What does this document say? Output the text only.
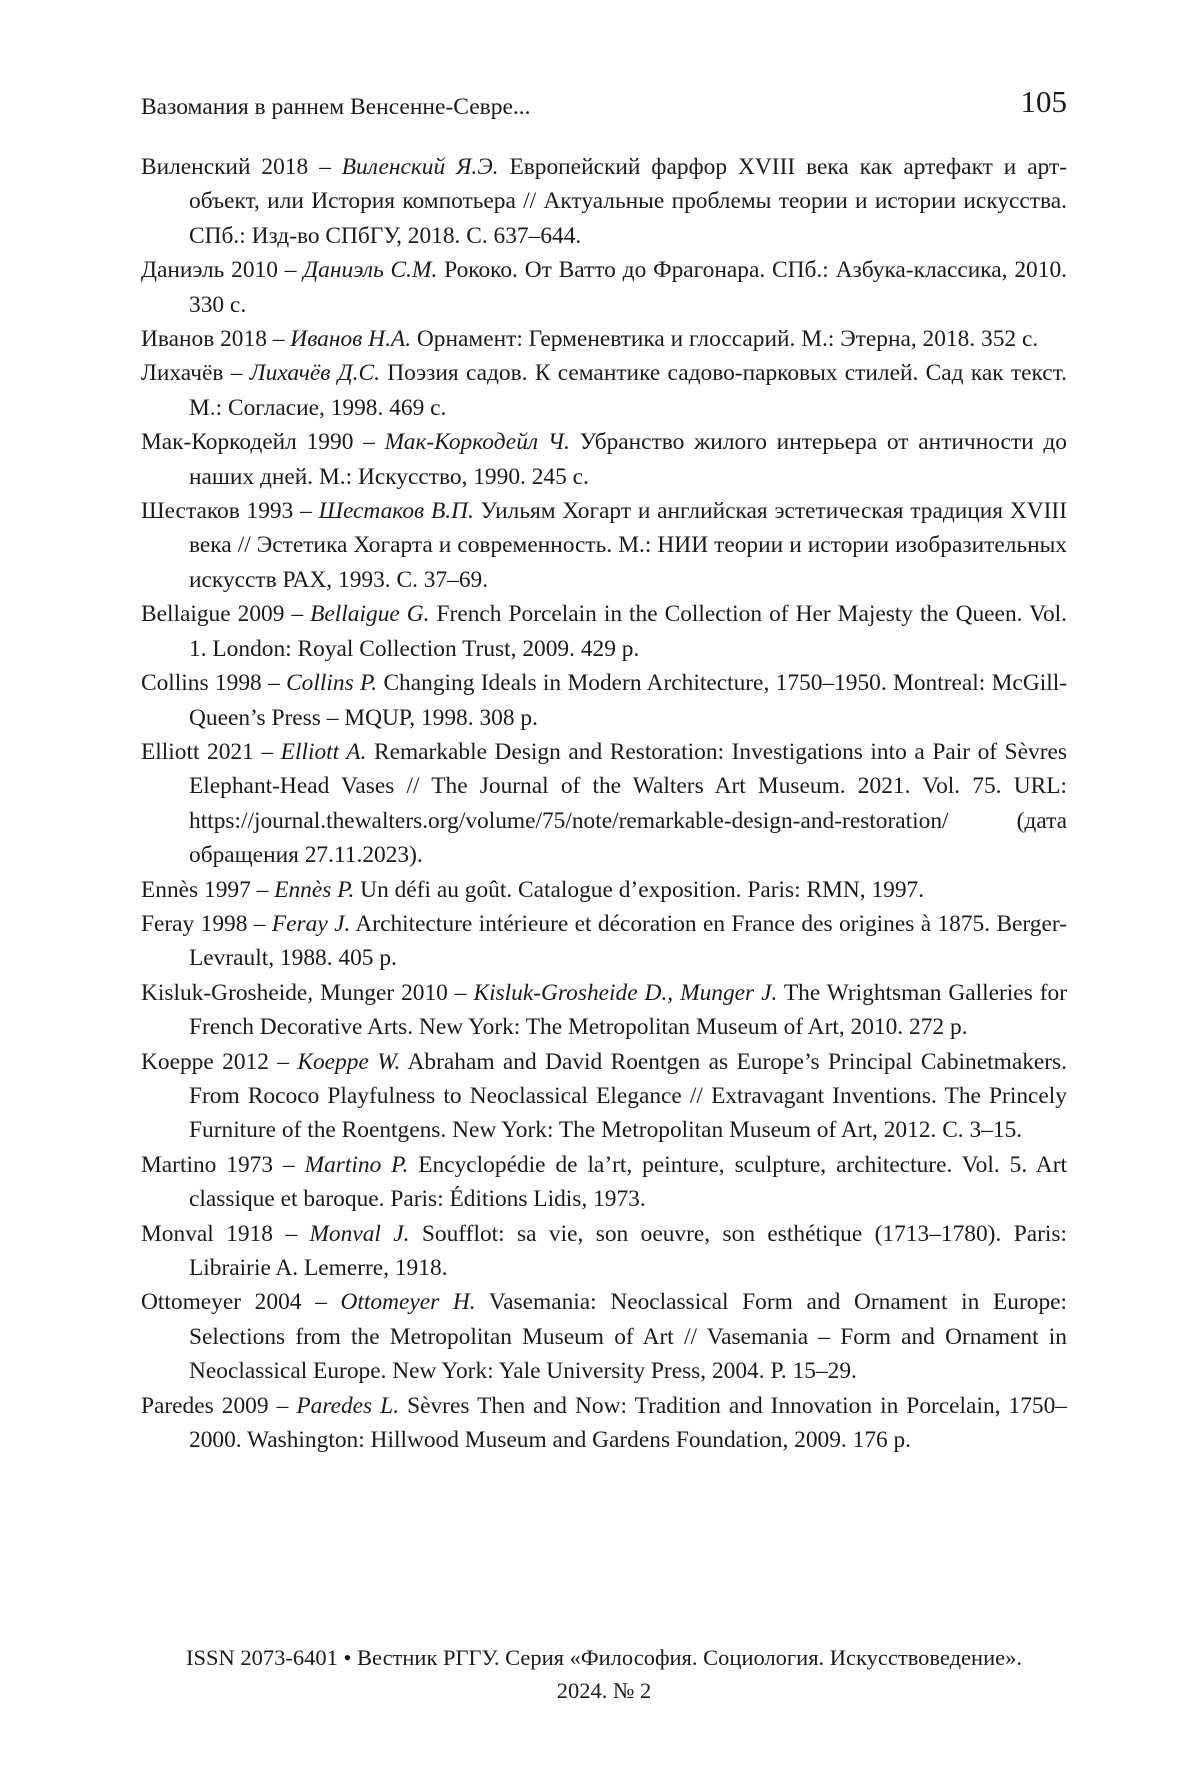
Вазомания в раннем Венсенне-Севре...	105

Виленский 2018 – Виленский Я.Э. Европейский фарфор XVIII века как артефакт и арт-объект, или История компотьера // Актуальные проблемы теории и истории искусства. СПб.: Изд-во СПбГУ, 2018. С. 637–644.

Даниэль 2010 – Даниэль С.М. Рококо. От Ватто до Фрагонара. СПб.: Азбука-классика, 2010. 330 с.

Иванов 2018 – Иванов Н.А. Орнамент: Герменевтика и глоссарий. М.: Этерна, 2018. 352 с.

Лихачёв – Лихачёв Д.С. Поэзия садов. К семантике садово-парковых стилей. Сад как текст. М.: Согласие, 1998. 469 с.

Мак-Коркодейл 1990 – Мак-Коркодейл Ч. Убранство жилого интерьера от античности до наших дней. М.: Искусство, 1990. 245 с.

Шестаков 1993 – Шестаков В.П. Уильям Хогарт и английская эстетическая традиция XVIII века // Эстетика Хогарта и современность. М.: НИИ теории и истории изобразительных искусств РАХ, 1993. С. 37–69.

Bellaigue 2009 – Bellaigue G. French Porcelain in the Collection of Her Majesty the Queen. Vol. 1. London: Royal Collection Trust, 2009. 429 p.

Collins 1998 – Collins P. Changing Ideals in Modern Architecture, 1750–1950. Montreal: McGill-Queen’s Press – MQUP, 1998. 308 p.

Elliott 2021 – Elliott A. Remarkable Design and Restoration: Investigations into a Pair of Sèvres Elephant-Head Vases // The Journal of the Walters Art Museum. 2021. Vol. 75. URL: https://journal.thewalters.org/volume/75/note/remarkable-design-and-restoration/ (дата обращения 27.11.2023).

Ennès 1997 – Ennès P. Un défi au goût. Catalogue d’exposition. Paris: RMN, 1997.

Feray 1998 – Feray J. Architecture intérieure et décoration en France des origines à 1875. Berger-Levrault, 1988. 405 p.

Kisluk-Grosheide, Munger 2010 – Kisluk-Grosheide D., Munger J. The Wrightsman Galleries for French Decorative Arts. New York: The Metropolitan Museum of Art, 2010. 272 p.

Koeppe 2012 – Koeppe W. Abraham and David Roentgen as Europe’s Principal Cabinetmakers. From Rococo Playfulness to Neoclassical Elegance // Extravagant Inventions. The Princely Furniture of the Roentgens. New York: The Metropolitan Museum of Art, 2012. C. 3–15.

Martino 1973 – Martino P. Encyclopédie de la’rt, peinture, sculpture, architecture. Vol. 5. Art classique et baroque. Paris: Éditions Lidis, 1973.

Monval 1918 – Monval J. Soufflot: sa vie, son oeuvre, son esthétique (1713–1780). Paris: Librairie A. Lemerre, 1918.

Ottomeyer 2004 – Ottomeyer H. Vasemania: Neoclassical Form and Ornament in Europe: Selections from the Metropolitan Museum of Art // Vasemania – Form and Ornament in Neoclassical Europe. New York: Yale University Press, 2004. P. 15–29.

Paredes 2009 – Paredes L. Sèvres Then and Now: Tradition and Innovation in Porcelain, 1750–2000. Washington: Hillwood Museum and Gardens Foundation, 2009. 176 p.

ISSN 2073-6401 • Вестник РГГУ. Серия «Философия. Социология. Искусствоведение».
2024. № 2
